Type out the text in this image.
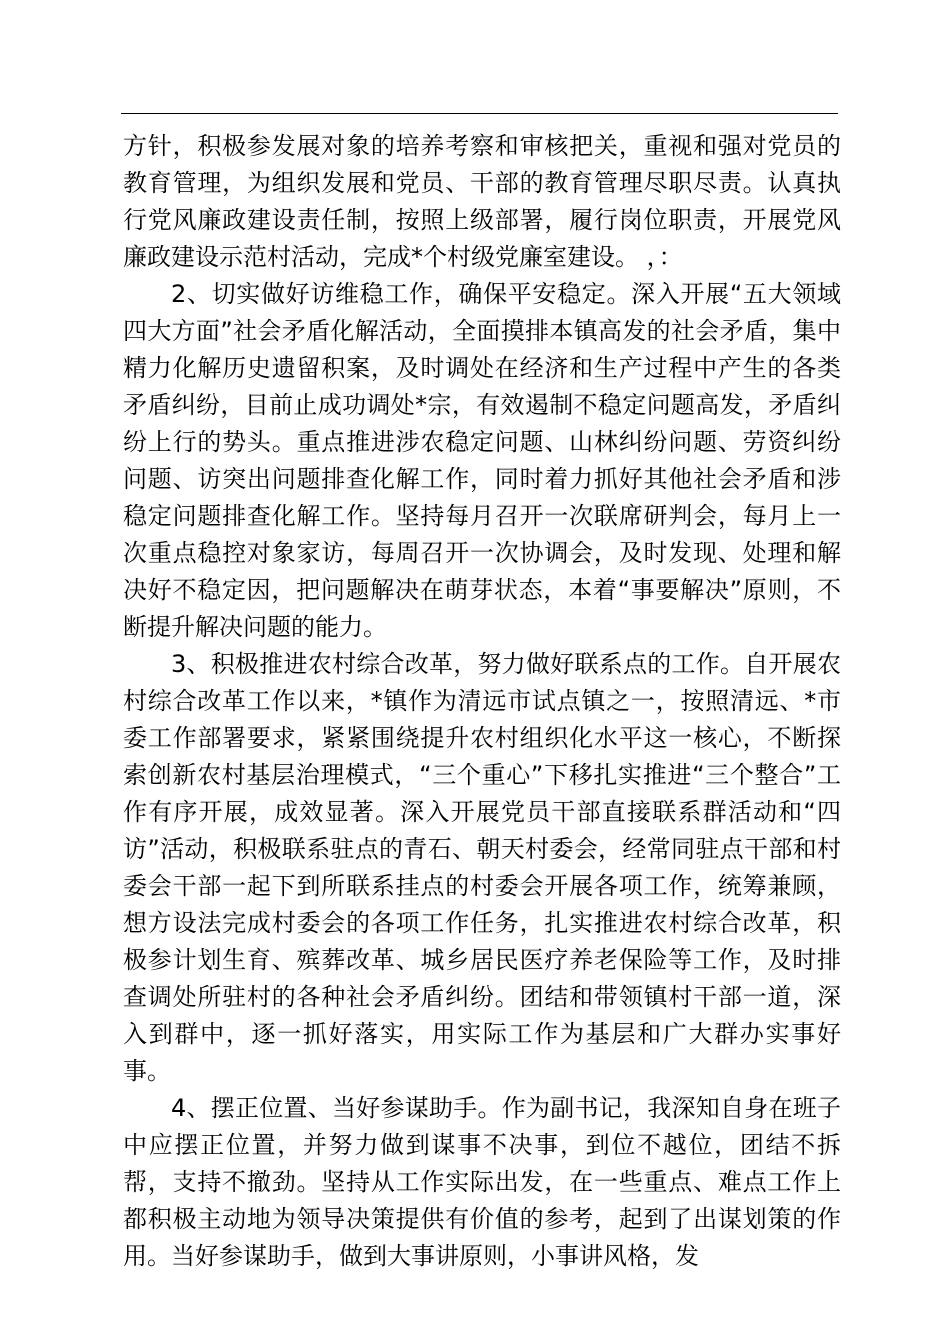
方针，积极参发展对象的培养考察和审核把关，重视和强对党员的教育管理，为组织发展和党员、干部的教育管理尽职尽责。认真执行党风廉政建设责任制，按照上级部署，履行岗位职责，开展党风廉政建设示范村活动，完成*个村级党廉室建设。 ，：

2、切实做好访维稳工作，确保平安稳定。深入开展“五大领域四大方面”社会矛盾化解活动，全面摸排本镇高发的社会矛盾，集中精力化解历史遗留积案，及时调处在经济和生产过程中产生的各类矛盾纠纷，目前止成功调处*宗，有效遏制不稳定问题高发，矛盾纠纷上行的势头。重点推进涉农稳定问题、山林纠纷问题、劳资纠纷问题、访突出问题排查化解工作，同时着力抓好其他社会矛盾和涉稳定问题排查化解工作。坚持每月召开一次联席研判会，每月上一次重点稳控对象家访，每周召开一次协调会，及时发现、处理和解决好不稳定因，把问题解决在萌芽状态，本着“事要解决”原则，不断提升解决问题的能力。

3、积极推进农村综合改革，努力做好联系点的工作。自开展农村综合改革工作以来，*镇作为清远市试点镇之一，按照清远、*市委工作部署要求，紧紧围绕提升农村组织化水平这一核心，不断探索创新农村基层治理模式，“三个重心”下移扎实推进“三个整合”工作有序开展，成效显著。深入开展党员干部直接联系群活动和“四访”活动，积极联系驻点的青石、朝天村委会，经常同驻点干部和村委会干部一起下到所联系挂点的村委会开展各项工作，统筹兼顾，想方设法完成村委会的各项工作任务，扎实推进农村综合改革，积极参计划生育、殡葬改革、城乡居民医疗养老保险等工作，及时排查调处所驻村的各种社会矛盾纠纷。团结和带领镇村干部一道，深入到群中，逐一抓好落实，用实际工作为基层和广大群办实事好事。

4、摆正位置、当好参谋助手。作为副书记，我深知自身在班子中应摆正位置，并努力做到谋事不决事，到位不越位，团结不拆帮，支持不撤劲。坚持从工作实际出发，在一些重点、难点工作上都积极主动地为领导决策提供有价值的参考，起到了出谋划策的作用。当好参谋助手，做到大事讲原则，小事讲风格，发
